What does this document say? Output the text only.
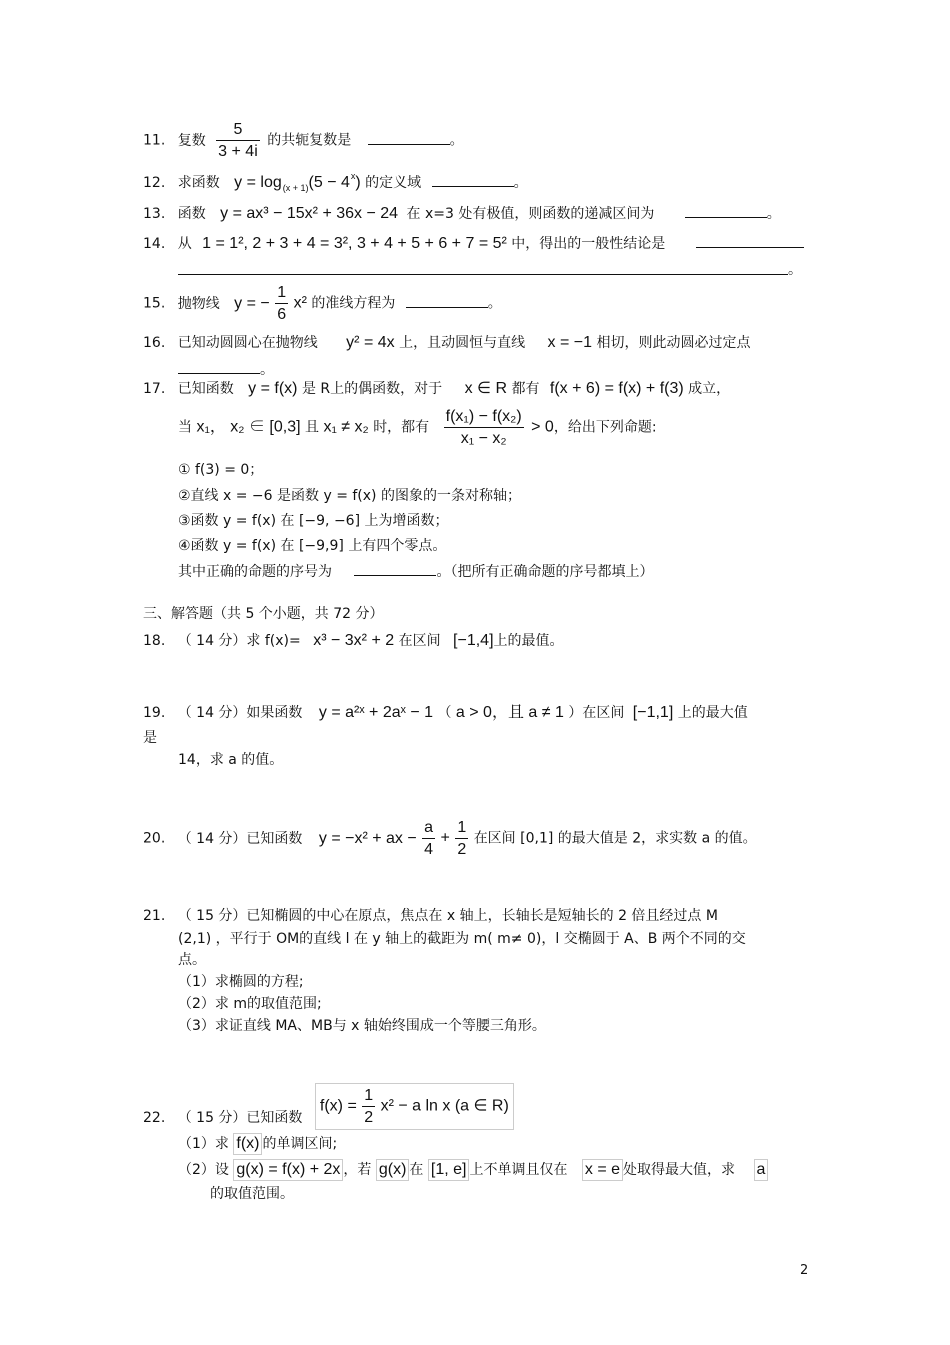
11. 复数 $\frac{5}{3 + 4i}$ 的共轭复数是	。
12. 求函数 $y = \log_{(x + 1)}(5 - 4^x)$ 的定义域	。
13. 函数 y = ax³ − 15x² + 36x − 24 在 x=3 处有极值，则函数的递减区间为	。
14. 从 1 = 1², 2 + 3 + 4 = 3², 3 + 4 + 5 + 6 + 7 = 5² 中，得出的一般性结论是
。
15. 抛物线 y = − $\frac{1}{6} x^2$ 的准线方程为	。
16. 已知动圆圆心在抛物线 y² = 4x 上，且动圆恒与直线 x = −1 相切，则此动圆必过定点
。
17. 已知函数 y = f(x) 是 R上的偶函数，对于 x ∈ R 都有 f(x + 6) = f(x) + f(3) 成立，
当 x₁， x₂ ∈ [0,3] 且 x₁ ≠ x₂ 时，都有 $\frac{\text{f(x₁) − f(x₂)}}{\text{x₁ − x₂}} > 0$，给出下列命题:
① f(3) = 0；
②直线 x = −6 是函数 y = f(x) 的图象的一条对称轴；
③函数 y = f(x) 在 [−9, −6] 上为增函数；
④函数 y = f(x) 在 [−9,9] 上有四个零点。
其中正确的命题的序号为	。（把所有正确命题的序号都填上）
三、解答题（共 5 个小题，共 72 分）
18. （ 14 分）求 f(x)= x³ − 3x² + 2 在区间 [−1,4]上的最值。
19. （ 14 分）如果函数 y = a²ˣ + 2aˣ − 1 （ a > 0，且 a ≠ 1 ）在区间 [−1,1] 上的最大值
是
14，求 a 的值。
20. （ 14 分）已知函数 y = −x² + ax − $\frac{a}{4} + \frac{1}{2}$ 在区间 [0,1] 的最大值是 2，求实数 a 的值。
21. （ 15 分）已知椭圆的中心在原点，焦点在 x 轴上，长轴长是短轴长的 2 倍且经过点 M
(2,1) ，平行于 OM的直线 l 在 y 轴上的截距为 m( m≠ 0)，l 交椭圆于 A、B 两个不同的交
点。
（1）求椭圆的方程;
（2）求 m的取值范围;
（3）求证直线 MA、MB与 x 轴始终围成一个等腰三角形。
22. （ 15 分）已知函数 $f(x) = \frac{1}{2} x^2 - a$ ln x (a ∈ R)
（1）求 f(x) 的单调区间;
（2）设 g(x) = f(x) + 2x ，若 g(x) 在 [1, e] 上不单调且仅在 x = e 处取得最大值，求 a
的取值范围。
2
